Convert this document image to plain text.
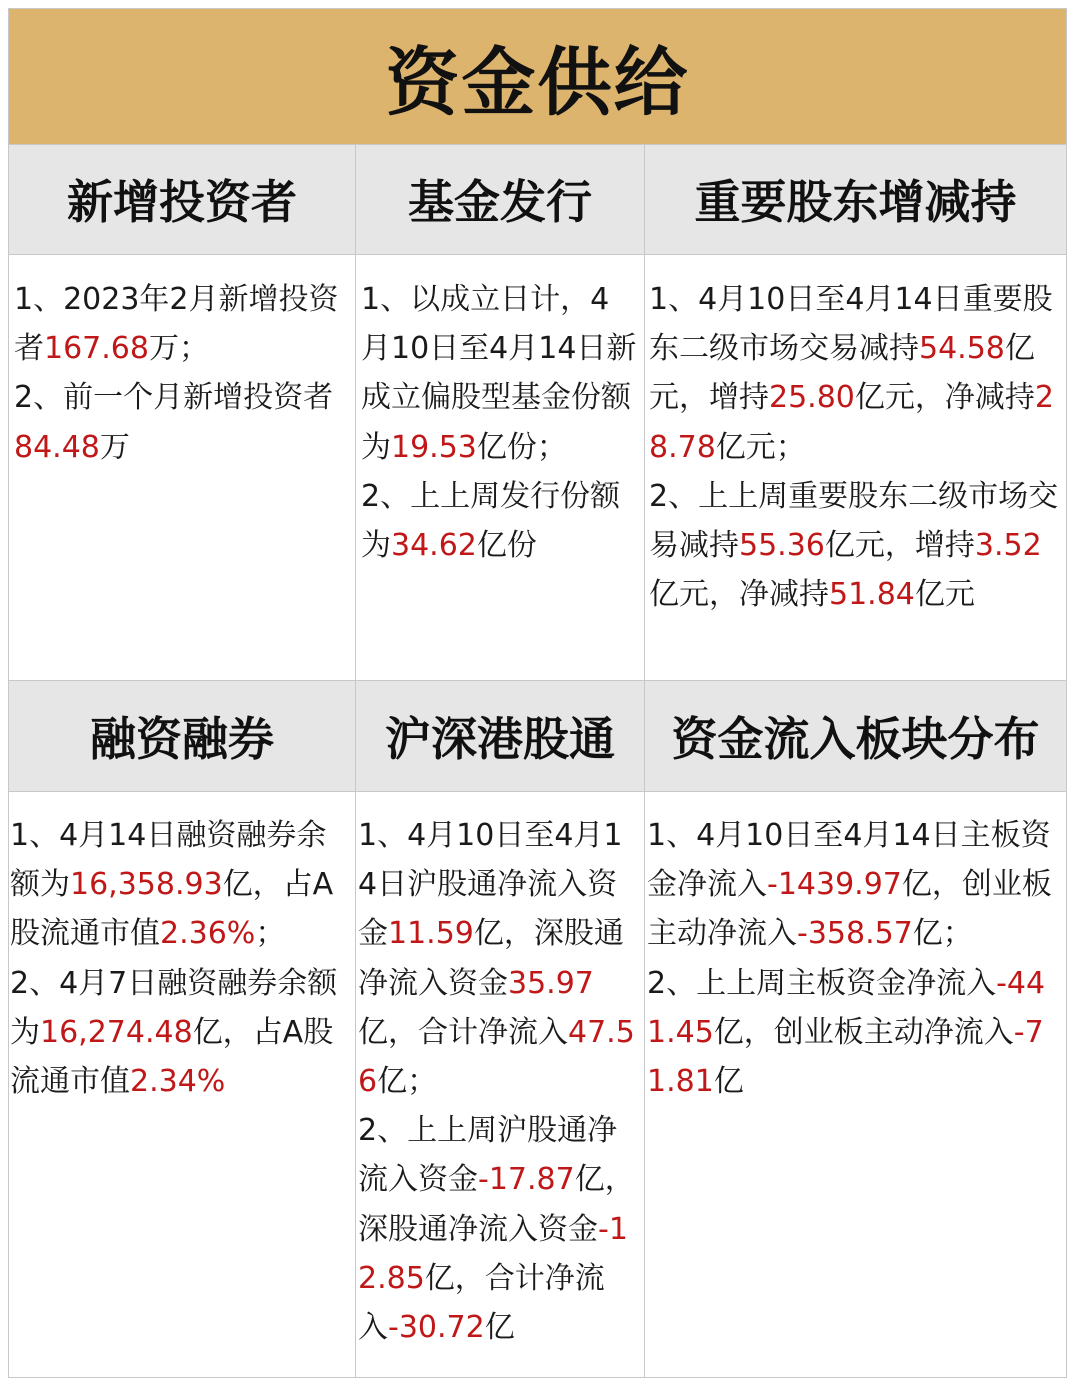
资金供给
新增投资者 基金发行 重要股东增减持
1、2023年2月新增投资者167.68万；
2、前一个月新增投资者84.48万
1、以成立日计，4月10日至4月14日新成立偏股型基金份额为19.53亿份；
2、上上周发行份额为34.62亿份
1、4月10日至4月14日重要股东二级市场交易减持54.58亿元，增持25.80亿元，净减持28.78亿元；
2、上上周重要股东二级市场交易减持55.36亿元，增持3.52亿元，净减持51.84亿元
融资融券 沪深港股通 资金流入板块分布
1、4月14日融资融券余额为16,358.93亿，占A股流通市值2.36%；
2、4月7日融资融券余额为16,274.48亿，占A股流通市值2.34%
1、4月10日至4月14日沪股通净流入资金11.59亿，深股通净流入资金35.97亿，合计净流入47.56亿；
2、上上周沪股通净流入资金-17.87亿，深股通净流入资金-12.85亿，合计净流入-30.72亿
1、4月10日至4月14日主板资金净流入-1439.97亿，创业板主动净流入-358.57亿；
2、上上周主板资金净流入-441.45亿，创业板主动净流入-71.81亿
